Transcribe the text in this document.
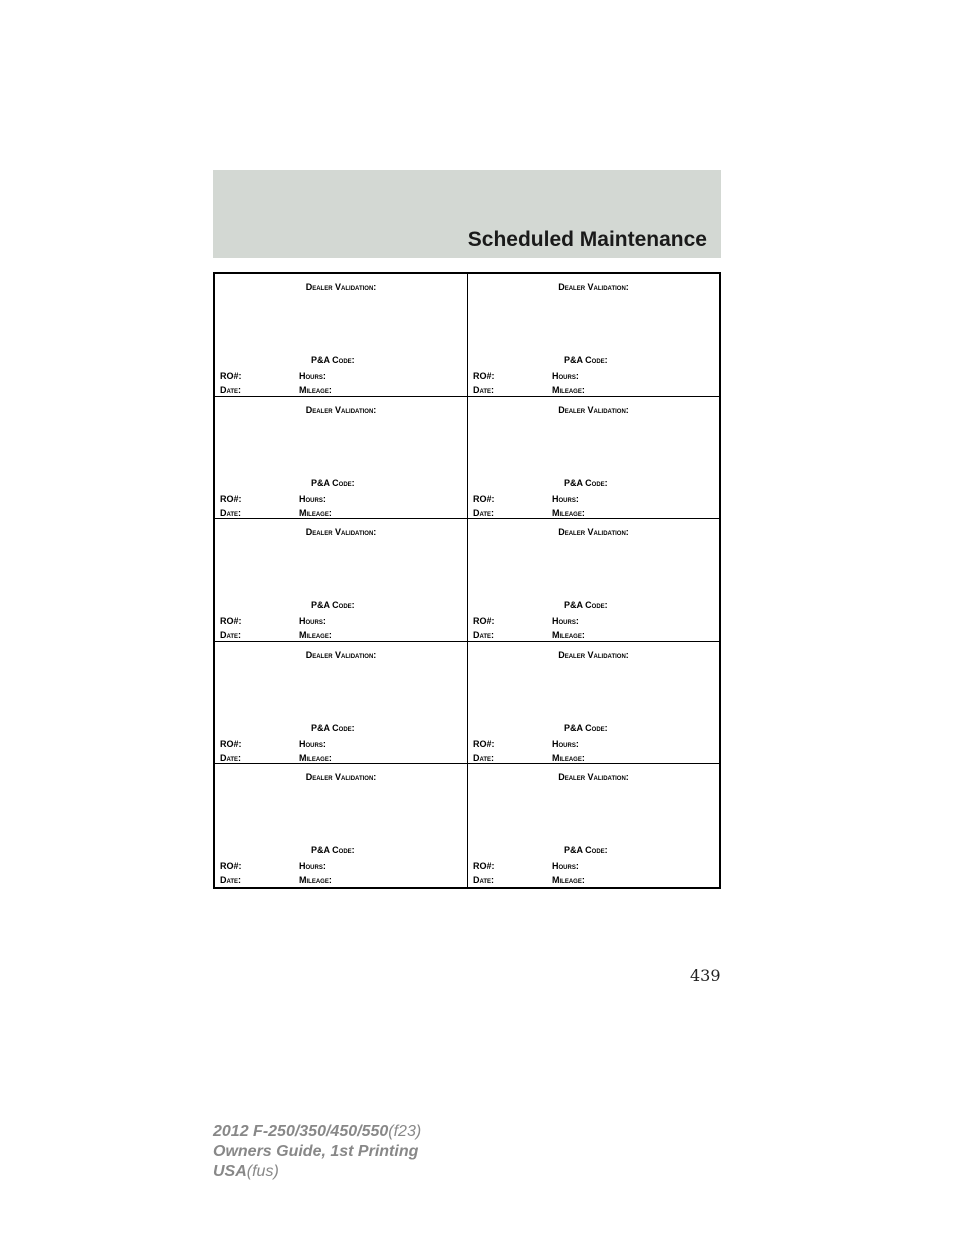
Scheduled Maintenance
Dealer Validation:
P&A Code:
RO#:	Hours:
Date:	Mileage:
Dealer Validation:
P&A Code:
RO#:	Hours:
Date:	Mileage:
Dealer Validation:
P&A Code:
RO#:	Hours:
Date:	Mileage:
Dealer Validation:
P&A Code:
RO#:	Hours:
Date:	Mileage:
Dealer Validation:
P&A Code:
RO#:	Hours:
Date:	Mileage:
Dealer Validation:
P&A Code:
RO#:	Hours:
Date:	Mileage:
Dealer Validation:
P&A Code:
RO#:	Hours:
Date:	Mileage:
Dealer Validation:
P&A Code:
RO#:	Hours:
Date:	Mileage:
Dealer Validation:
P&A Code:
RO#:	Hours:
Date:	Mileage:
Dealer Validation:
P&A Code:
RO#:	Hours:
Date:	Mileage:
439
2012 F-250/350/450/550(f23)
Owners Guide, 1st Printing
USA(fus)
